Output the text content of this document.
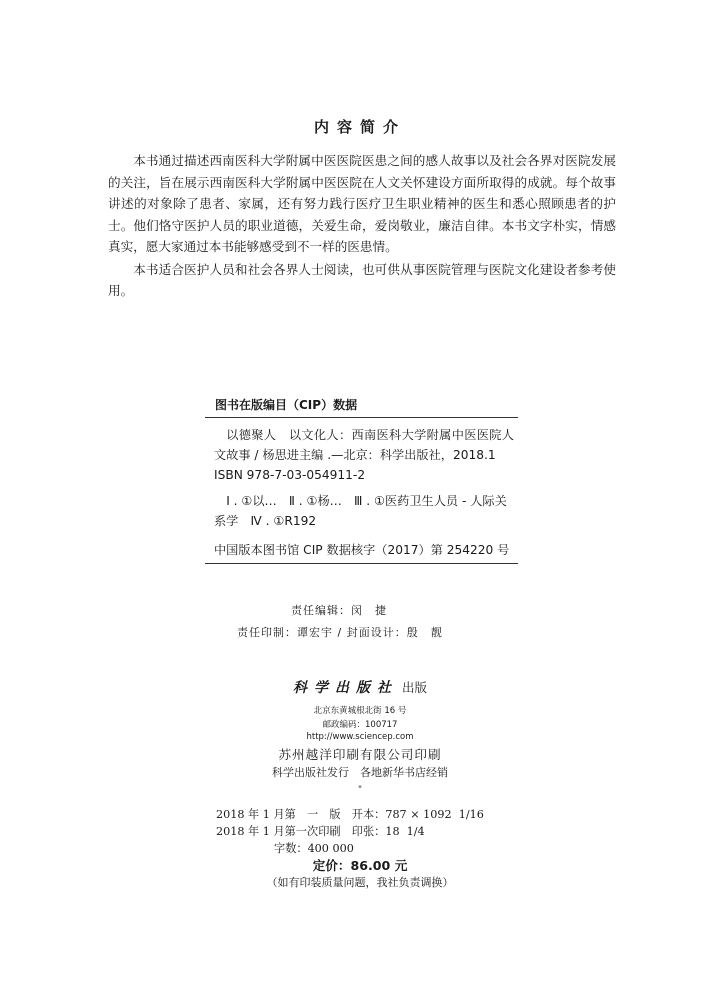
内容简介

本书通过描述西南医科大学附属中医医院医患之间的感人故事以及社会各界对医院发展的关注，旨在展示西南医科大学附属中医医院在人文关怀建设方面所取得的成就。每个故事讲述的对象除了患者、家属，还有努力践行医疗卫生职业精神的医生和悉心照顾患者的护士。他们恪守医护人员的职业道德，关爱生命，爱岗敬业，廉洁自律。本书文字朴实，情感真实，愿大家通过本书能够感受到不一样的医患情。

本书适合医护人员和社会各界人士阅读，也可供从事医院管理与医院文化建设者参考使用。

图书在版编目（CIP）数据

以德聚人　以文化人：西南医科大学附属中医医院人文故事 / 杨思进主编 .—北京：科学出版社，2018.1

ISBN 978-7-03-054911-2

Ⅰ . ①以…　Ⅱ . ①杨…　Ⅲ . ①医药卫生人员 - 人际关系学　Ⅳ . ①R192

中国版本图书馆 CIP 数据核字（2017）第 254220 号

责任编辑：闵　捷
责任印制：谭宏宇 / 封面设计：殷　靓
科学出版社 出版
北京东黄城根北街 16 号
邮政编码：100717
http://www.sciencep.com
苏州越洋印刷有限公司印刷
科学出版社发行　各地新华书店经销
*
2018 年 1 月第　一　版　开本：787 × 1092  1/16
2018 年 1 月第一次印刷　印张：18  1/4
字数：400 000
定价：86.00 元
（如有印装质量问题，我社负责调换）
